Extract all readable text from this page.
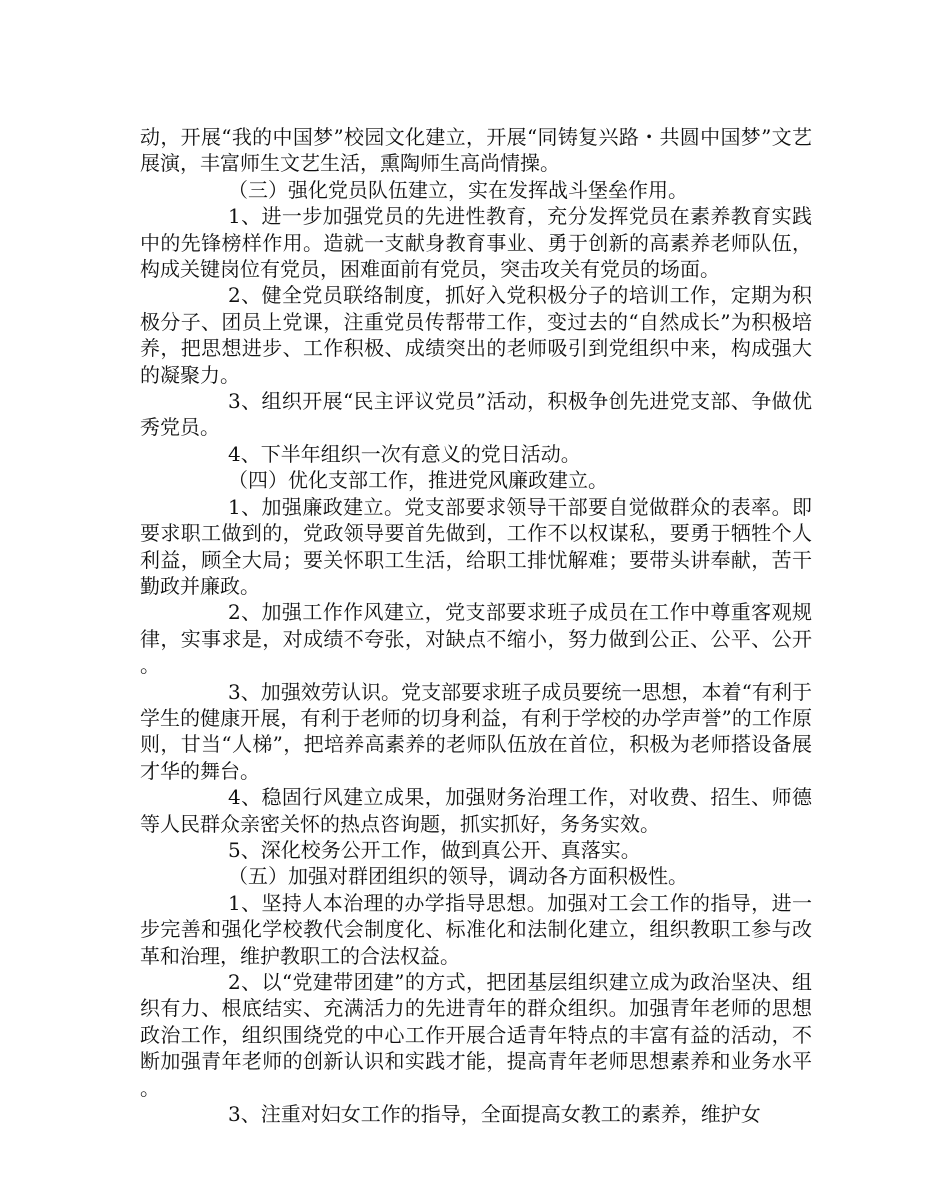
动，开展“我的中国梦”校园文化建立，开展“同铸复兴路・共圆中国梦”文艺展演，丰富师生文艺生活，熏陶师生高尚情操。

（三）强化党员队伍建立，实在发挥战斗堡垒作用。

1、进一步加强党员的先进性教育，充分发挥党员在素养教育实践中的先锋榜样作用。造就一支献身教育事业、勇于创新的高素养老师队伍，构成关键岗位有党员，困难面前有党员，突击攻关有党员的场面。

2、健全党员联络制度，抓好入党积极分子的培训工作，定期为积极分子、团员上党课，注重党员传帮带工作，变过去的“自然成长”为积极培养，把思想进步、工作积极、成绩突出的老师吸引到党组织中来，构成强大的凝聚力。

3、组织开展“民主评议党员”活动，积极争创先进党支部、争做优秀党员。

4、下半年组织一次有意义的党日活动。

（四）优化支部工作，推进党风廉政建立。

1、加强廉政建立。党支部要求领导干部要自觉做群众的表率。即要求职工做到的，党政领导要首先做到，工作不以权谋私，要勇于牺牲个人利益，顾全大局；要关怀职工生活，给职工排忧解难；要带头讲奉献，苦干勤政并廉政。

2、加强工作作风建立，党支部要求班子成员在工作中尊重客观规律，实事求是，对成绩不夸张，对缺点不缩小，努力做到公正、公平、公开。

3、加强效劳认识。党支部要求班子成员要统一思想，本着“有利于学生的健康开展，有利于老师的切身利益，有利于学校的办学声誉”的工作原则，甘当“人梯”，把培养高素养的老师队伍放在首位，积极为老师搭设备展才华的舞台。

4、稳固行风建立成果，加强财务治理工作，对收费、招生、师德等人民群众亲密关怀的热点咨询题，抓实抓好，务务实效。

5、深化校务公开工作，做到真公开、真落实。

（五）加强对群团组织的领导，调动各方面积极性。

1、坚持人本治理的办学指导思想。加强对工会工作的指导，进一步完善和强化学校教代会制度化、标准化和法制化建立，组织教职工参与改革和治理，维护教职工的合法权益。

2、以“党建带团建”的方式，把团基层组织建立成为政治坚决、组织有力、根底结实、充满活力的先进青年的群众组织。加强青年老师的思想政治工作，组织围绕党的中心工作开展合适青年特点的丰富有益的活动，不断加强青年老师的创新认识和实践才能，提高青年老师思想素养和业务水平。

3、注重对妇女工作的指导，全面提高女教工的素养，维护女
